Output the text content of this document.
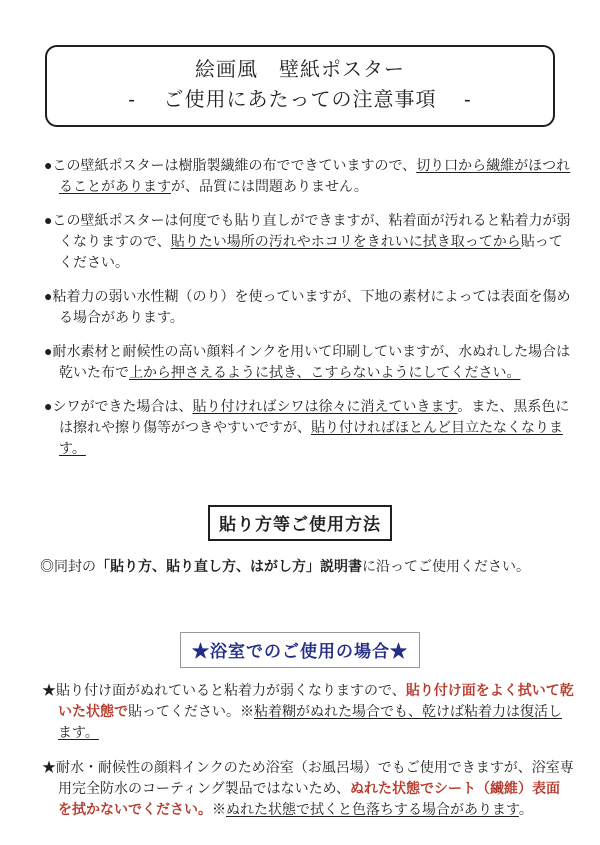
絵画風　壁紙ポスター
-　 ご使用にあたっての注意事項 　-
●この壁紙ポスターは樹脂製繊維の布でできていますので、切り口から繊維がほつれることがありますが、品質には問題ありません。
●この壁紙ポスターは何度でも貼り直しができますが、粘着面が汚れると粘着力が弱くなりますので、貼りたい場所の汚れやホコリをきれいに拭き取ってから貼ってください。
●粘着力の弱い水性糊（のり）を使っていますが、下地の素材によっては表面を傷める場合があります。
●耐水素材と耐候性の高い顔料インクを用いて印刷していますが、水ぬれした場合は乾いた布で上から押さえるように拭き、こすらないようにしてください。
●シワができた場合は、貼り付ければシワは徐々に消えていきます。また、黒系色には擦れや擦り傷等がつきやすいですが、貼り付ければほとんど目立たなくなります。
貼り方等ご使用方法
◎同封の「貼り方、貼り直し方、はがし方」説明書に沿ってご使用ください。
★浴室でのご使用の場合★
★貼り付け面がぬれていると粘着力が弱くなりますので、貼り付け面をよく拭いて乾いた状態で貼ってください。※粘着糊がぬれた場合でも、乾けば粘着力は復活します。
★耐水・耐候性の顔料インクのため浴室（お風呂場）でもご使用できますが、浴室専用完全防水のコーティング製品ではないため、ぬれた状態でシート（繊維）表面を拭かないでください。※ぬれた状態で拭くと色落ちする場合があります。
